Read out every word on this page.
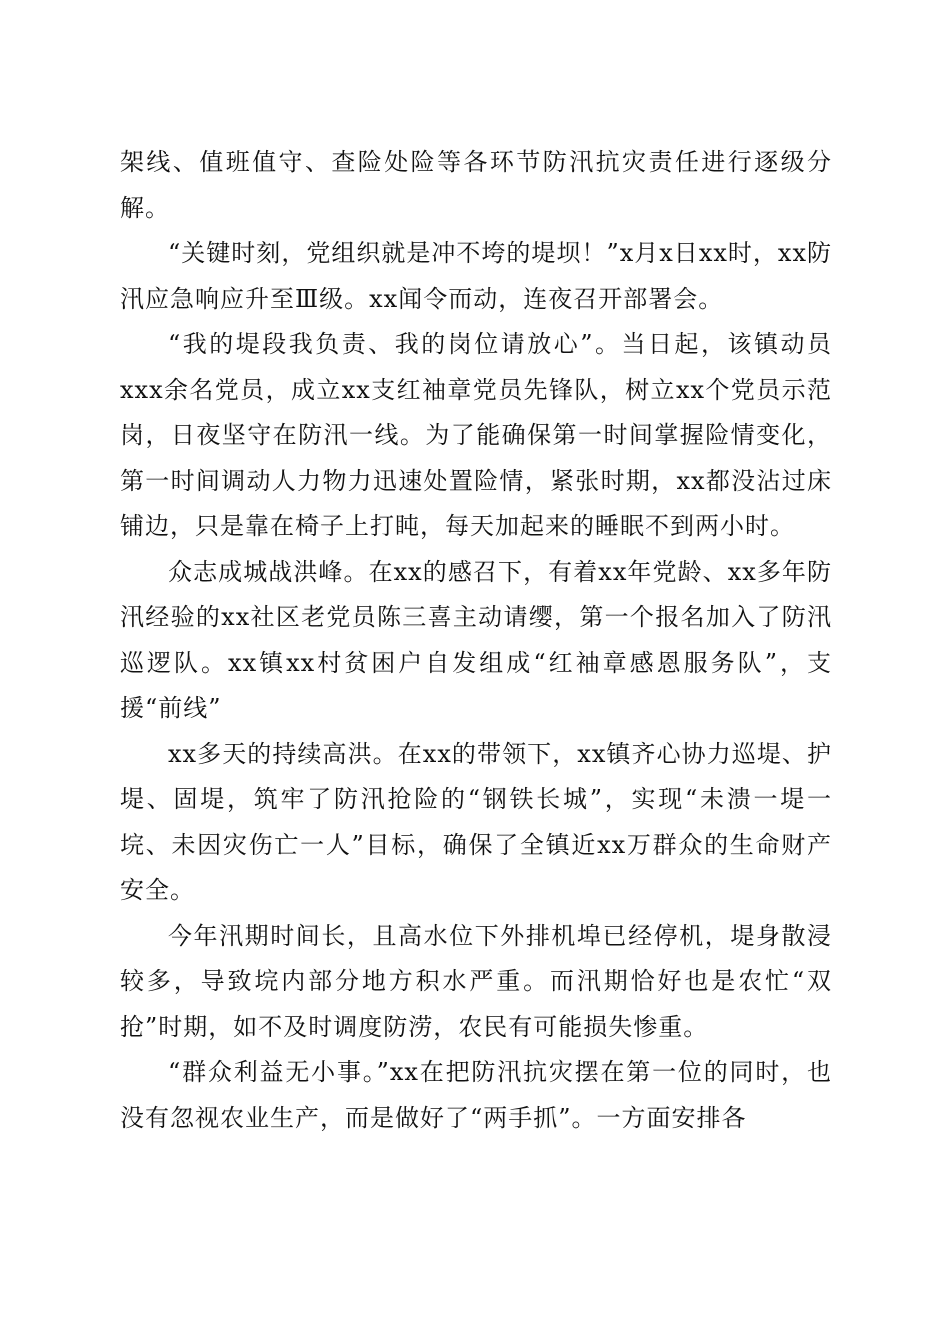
架线、值班值守、查险处险等各环节防汛抗灾责任进行逐级分解。

“关键时刻，党组织就是冲不垮的堤坝！”x月x日xx时，xx防汛应急响应升至Ⅲ级。xx闻令而动，连夜召开部署会。

“我的堤段我负责、我的岗位请放心”。当日起，该镇动员xxx余名党员，成立xx支红袖章党员先锋队，树立xx个党员示范岗，日夜坚守在防汛一线。为了能确保第一时间掌握险情变化，第一时间调动人力物力迅速处置险情，紧张时期，xx都没沾过床铺边，只是靠在椅子上打盹，每天加起来的睡眠不到两小时。

众志成城战洪峰。在xx的感召下，有着xx年党龄、xx多年防汛经验的xx社区老党员陈三喜主动请缨，第一个报名加入了防汛巡逻队。xx镇xx村贫困户自发组成“红袖章感恩服务队”，支援“前线”

xx多天的持续高洪。在xx的带领下，xx镇齐心协力巡堤、护堤、固堤，筑牢了防汛抢险的“钢铁长城”，实现“未溃一堤一垸、未因灾伤亡一人”目标，确保了全镇近xx万群众的生命财产安全。

今年汛期时间长，且高水位下外排机埠已经停机，堤身散浸较多，导致垸内部分地方积水严重。而汛期恰好也是农忙“双抢”时期，如不及时调度防涝，农民有可能损失惨重。

“群众利益无小事。”xx在把防汛抗灾摆在第一位的同时，也没有忽视农业生产，而是做好了“两手抓”。一方面安排各
